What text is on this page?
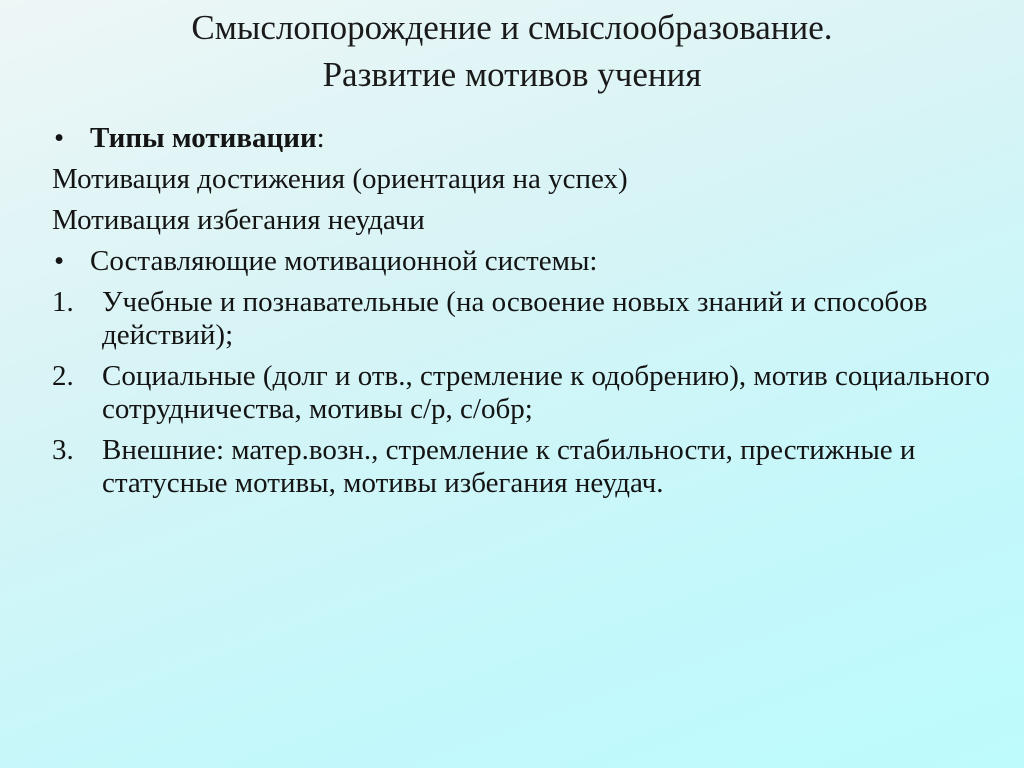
Смыслопорождение и смыслообразование.
Развитие мотивов учения
• Типы мотивации:
Мотивация достижения (ориентация на успех)
Мотивация избегания неудачи
• Составляющие мотивационной системы:
1. Учебные и познавательные (на освоение новых знаний и способов действий);
2. Социальные (долг и отв., стремление к одобрению), мотив социального сотрудничества, мотивы с/р, с/обр;
3. Внешние: матер.возн., стремление к стабильности, престижные и статусные мотивы, мотивы избегания неудач.
